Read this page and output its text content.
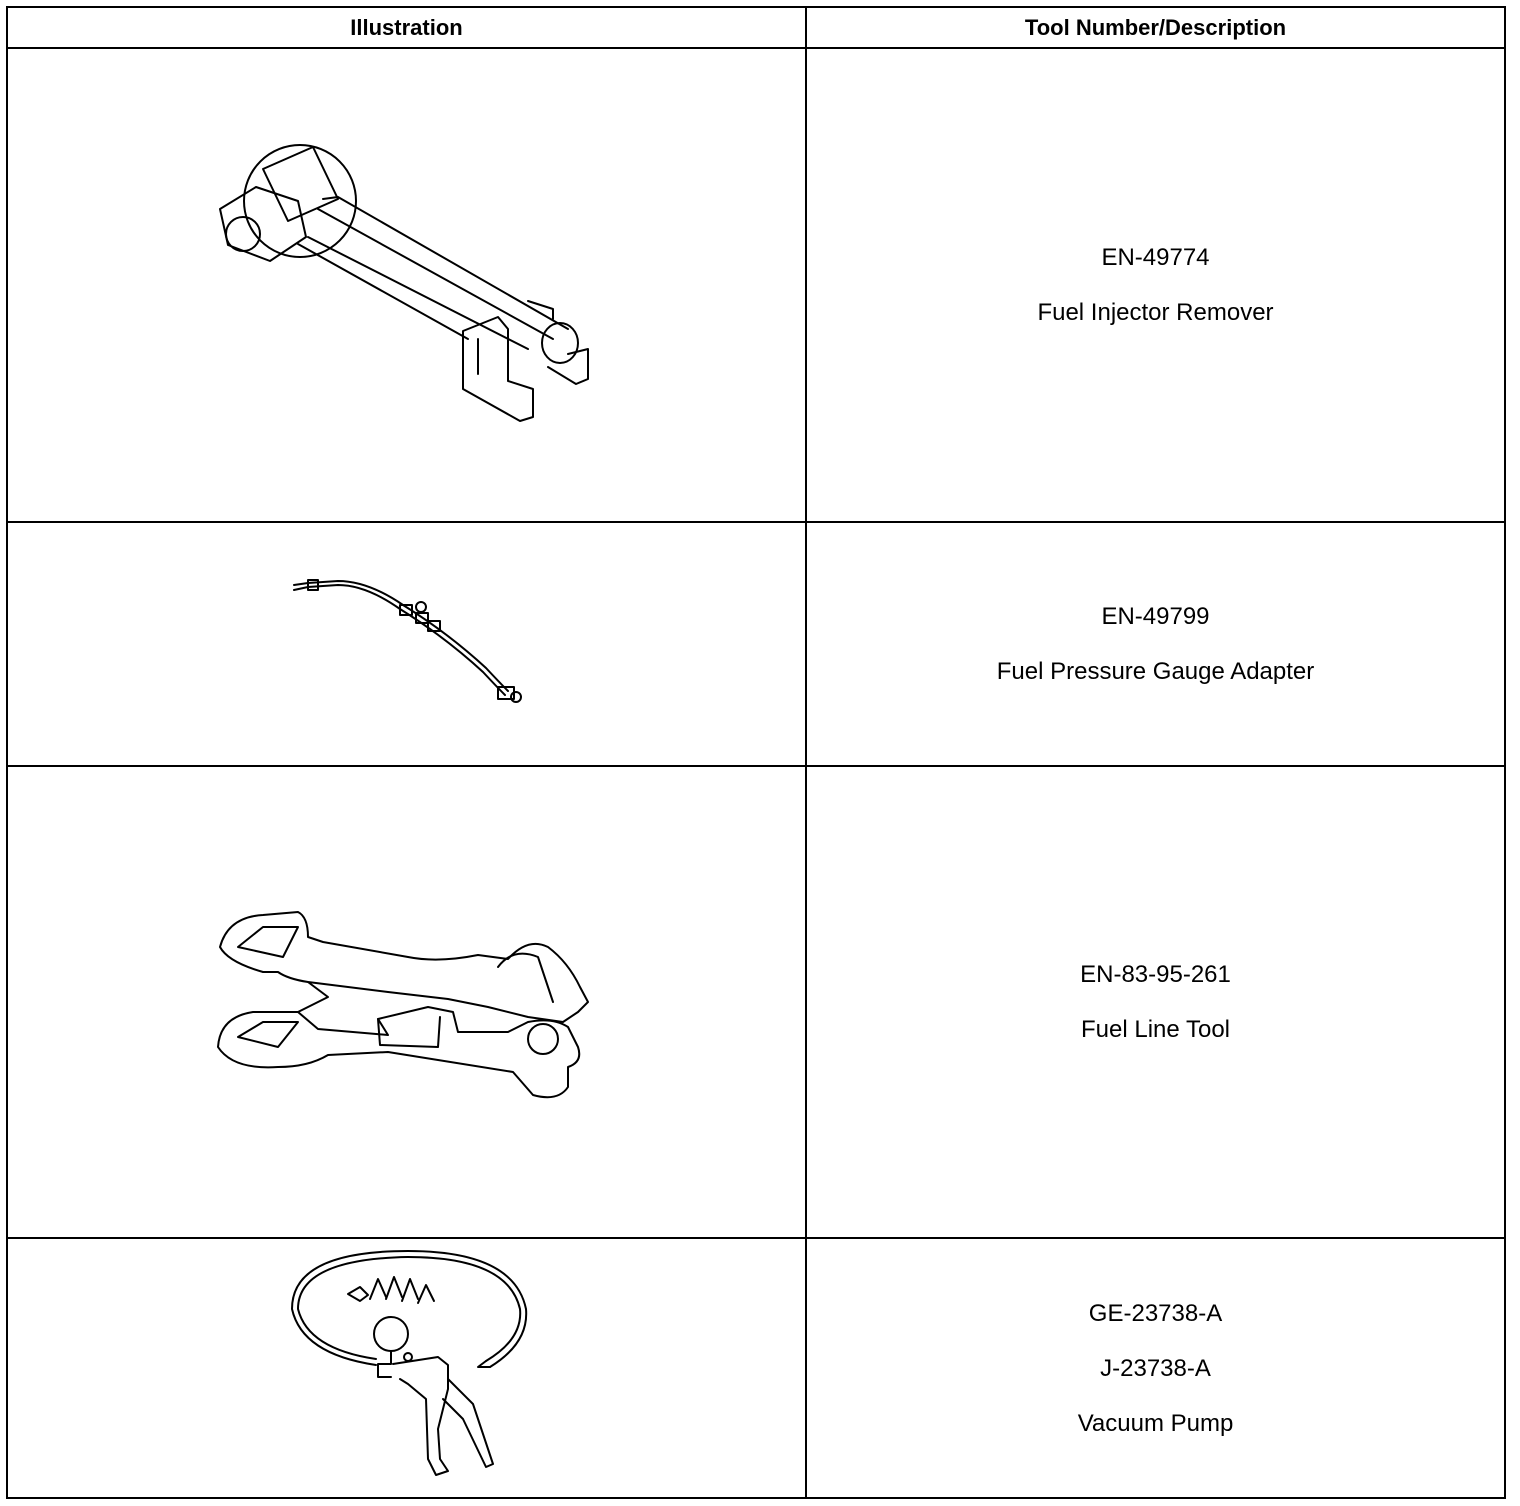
Illustration	Tool Number/Description
EN-49774
Fuel Injector Remover
EN-49799
Fuel Pressure Gauge Adapter
EN-83-95-261
Fuel Line Tool
GE-23738-A
J-23738-A
Vacuum Pump
